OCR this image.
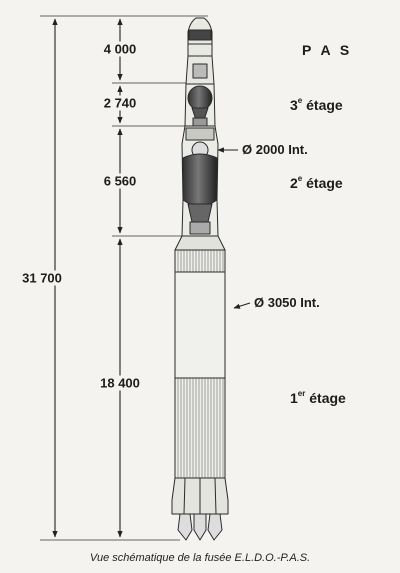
31 700
4 000
2 740
6 560
18 400
P A S
3e étage
2e étage
1er étage
Ø 2000 Int.
Ø 3050 Int.
Vue schématique de la fusée E.L.D.O.-P.A.S.
